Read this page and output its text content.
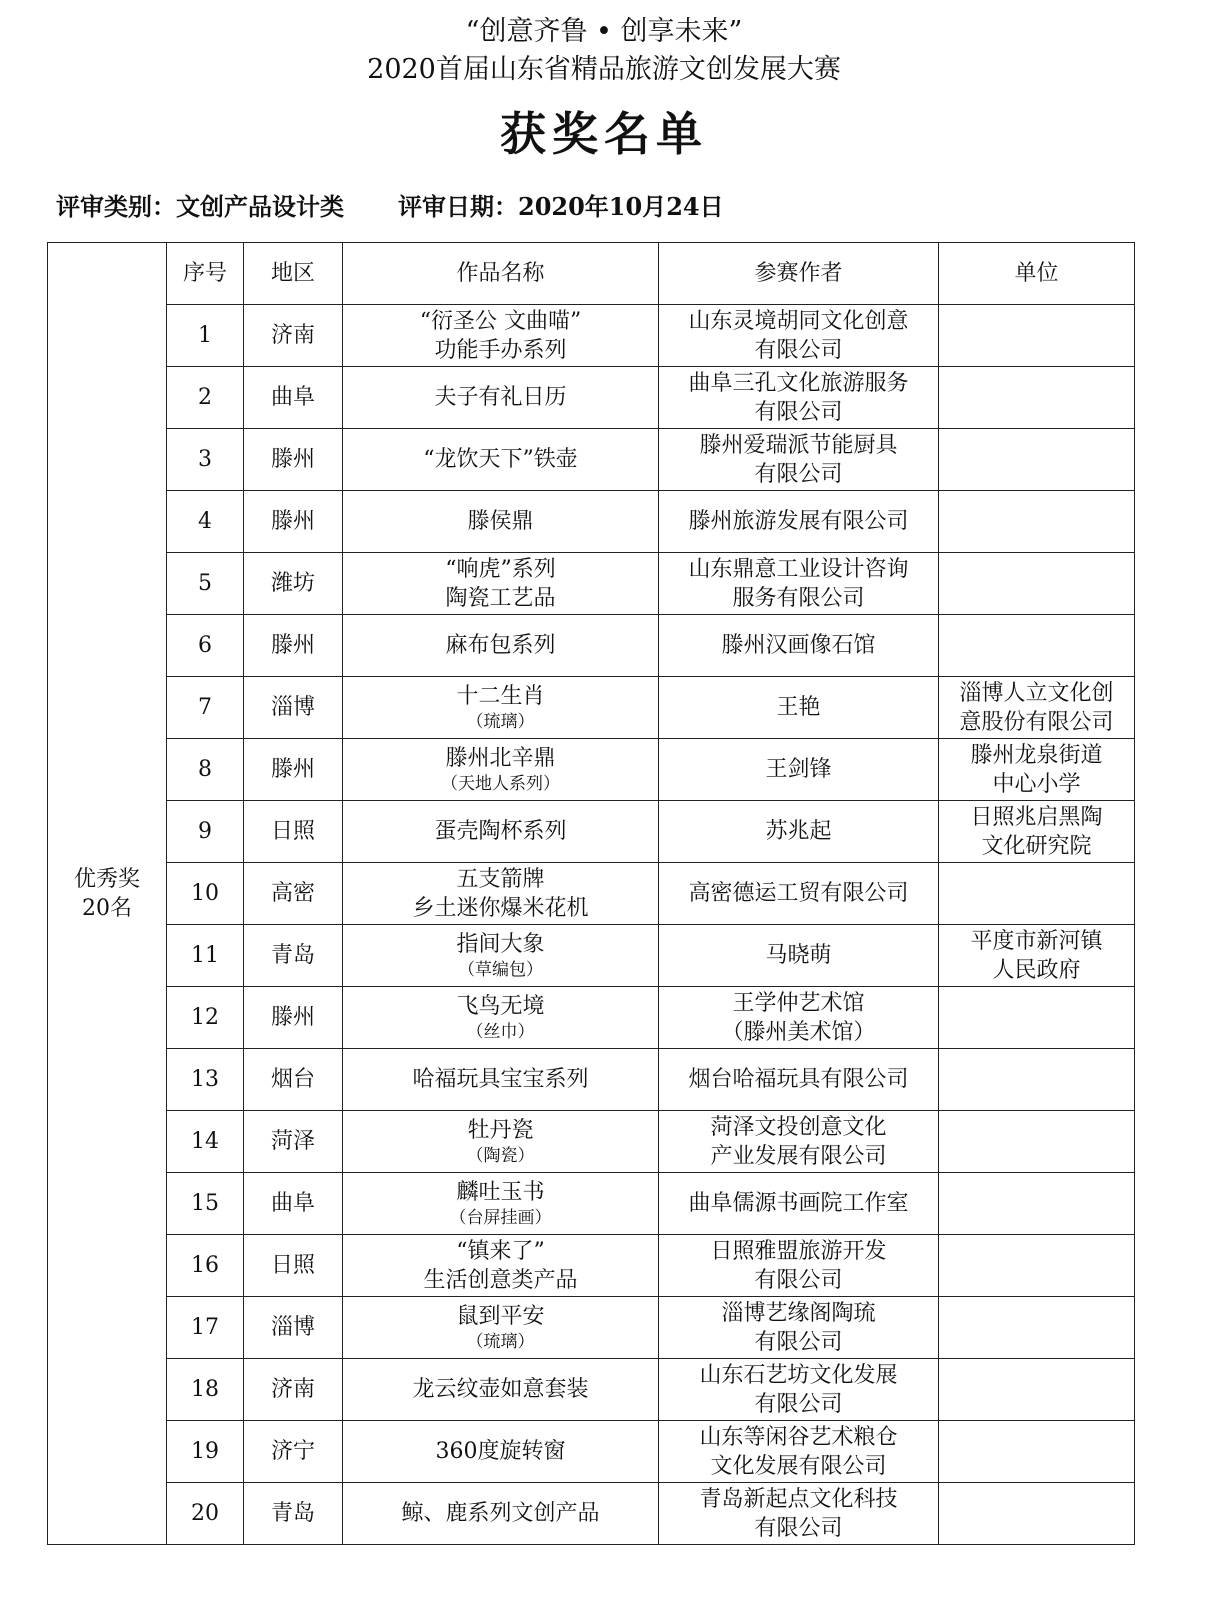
“创意齐鲁 • 创享未来”
2020首届山东省精品旅游文创发展大赛
获奖名单
评审类别：文创产品设计类 评审日期：2020年10月24日
优秀奖
20名	序号	地区	作品名称	参赛作者	单位

	1	济南	“衍圣公 文曲喵”
功能手办系列	山东灵境胡同文化创意
有限公司	

	2	曲阜	夫子有礼日历	曲阜三孔文化旅游服务
有限公司	

	3	滕州	“龙饮天下”铁壶	滕州爱瑞派节能厨具
有限公司	

	4	滕州	滕侯鼎	滕州旅游发展有限公司	

	5	潍坊	“响虎”系列
陶瓷工艺品	山东鼎意工业设计咨询
服务有限公司	

	6	滕州	麻布包系列	滕州汉画像石馆	

	7	淄博	十二生肖
（琉璃）	王艳	淄博人立文化创
意股份有限公司

	8	滕州	滕州北辛鼎
（天地人系列）	王剑锋	滕州龙泉街道
中心小学

	9	日照	蛋壳陶杯系列	苏兆起	日照兆启黑陶
文化研究院

	10	高密	五支箭牌
乡土迷你爆米花机	高密德运工贸有限公司	

	11	青岛	指间大象
（草编包）	马晓萌	平度市新河镇
人民政府

	12	滕州	飞鸟无境
（丝巾）	王学仲艺术馆
（滕州美术馆）	

	13	烟台	哈福玩具宝宝系列	烟台哈福玩具有限公司	

	14	菏泽	牡丹瓷
（陶瓷）	菏泽文投创意文化
产业发展有限公司	

	15	曲阜	麟吐玉书
（台屏挂画）	曲阜儒源书画院工作室	

	16	日照	“镇来了”
生活创意类产品	日照雅盟旅游开发
有限公司	

	17	淄博	鼠到平安
（琉璃）	淄博艺缘阁陶琉
有限公司	

	18	济南	龙云纹壶如意套装	山东石艺坊文化发展
有限公司	

	19	济宁	360度旋转窗	山东等闲谷艺术粮仓
文化发展有限公司	

	20	青岛	鲸、鹿系列文创产品	青岛新起点文化科技
有限公司	
